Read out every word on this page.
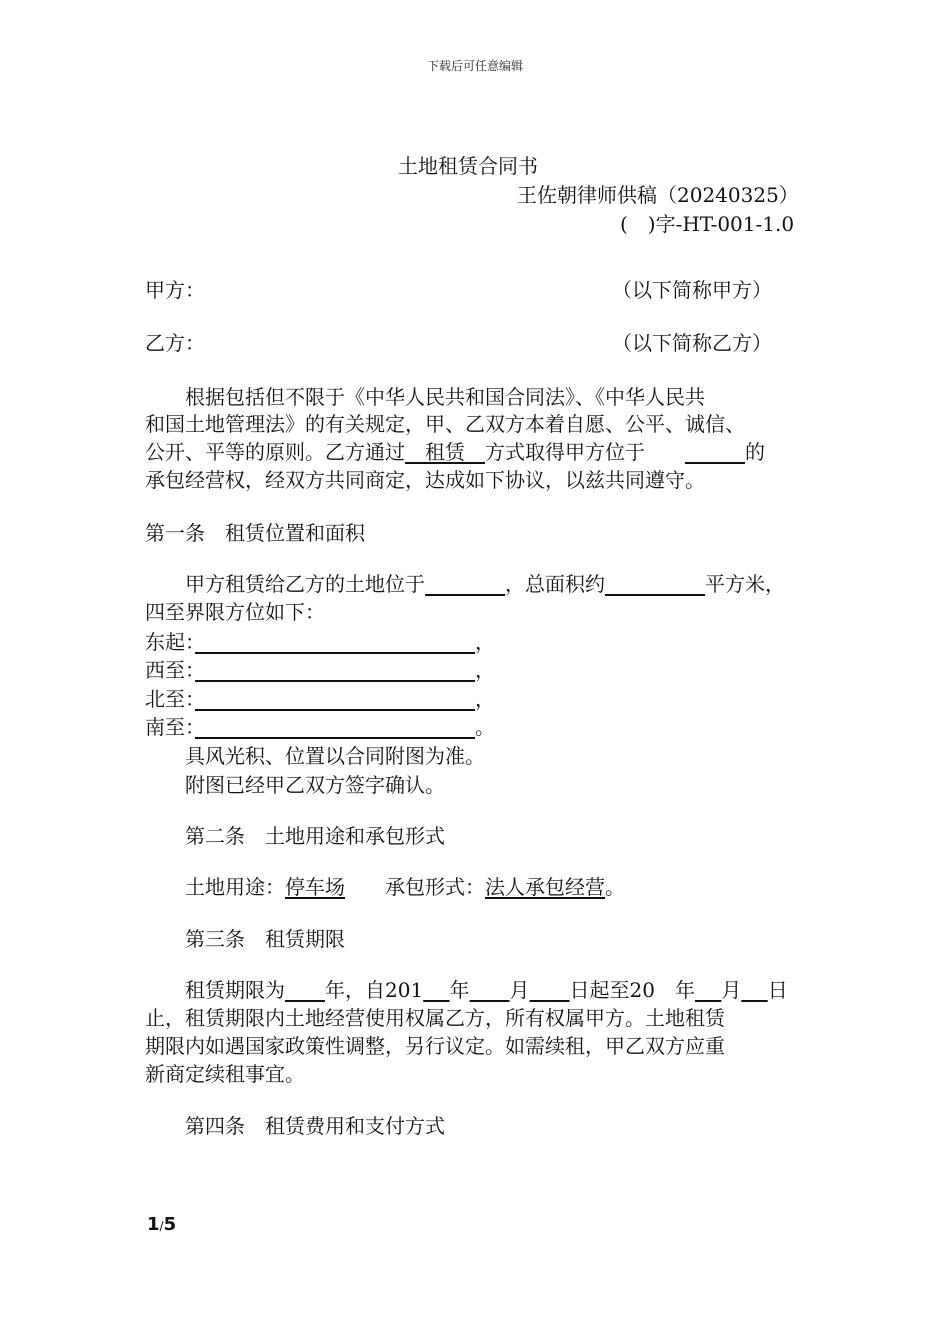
下载后可任意编辑
土地租赁合同书
王佐朝律师供稿（20240325）
(　)字-HT-001-1.0
甲方：	（以下简称甲方）
乙方：	（以下简称乙方）
　　根据包括但不限于《中华人民共和国合同法》、《中华人民共
和国土地管理法》的有关规定，甲、乙双方本着自愿、公平、诚信、
公开、平等的原则。乙方通过　 租赁　 方式取得甲方位于　　　　　	的
承包经营权，经双方共同商定，达成如下协议，以兹共同遵守。
第一条　租赁位置和面积
　　甲方租赁给乙方的土地位于　　　　	，总面积约　　　　　	平方米，
四至界限方位如下：
东起：　　　　　　　　　　　　　　	，
西至：　　　　　　　　　　　　　　	，
北至：　　　　　　　　　　　　　　	，
南至：　　　　　　　　　　　　　　	。
　　具风光积、位置以合同附图为准。
　　附图已经甲乙双方签字确认。
　　第二条　土地用途和承包形式
　　土地用途：停车场　　承包形式：法人承包经营。
　　第三条　租赁期限
　　租赁期限为　　 年，自201　 年　　 月　　 日起至20　年　 月　 日
止，租赁期限内土地经营使用权属乙方，所有权属甲方。土地租赁
期限内如遇国家政策性调整，另行议定。如需续租，甲乙双方应重
新商定续租事宜。
　　第四条　租赁费用和支付方式
1/5
